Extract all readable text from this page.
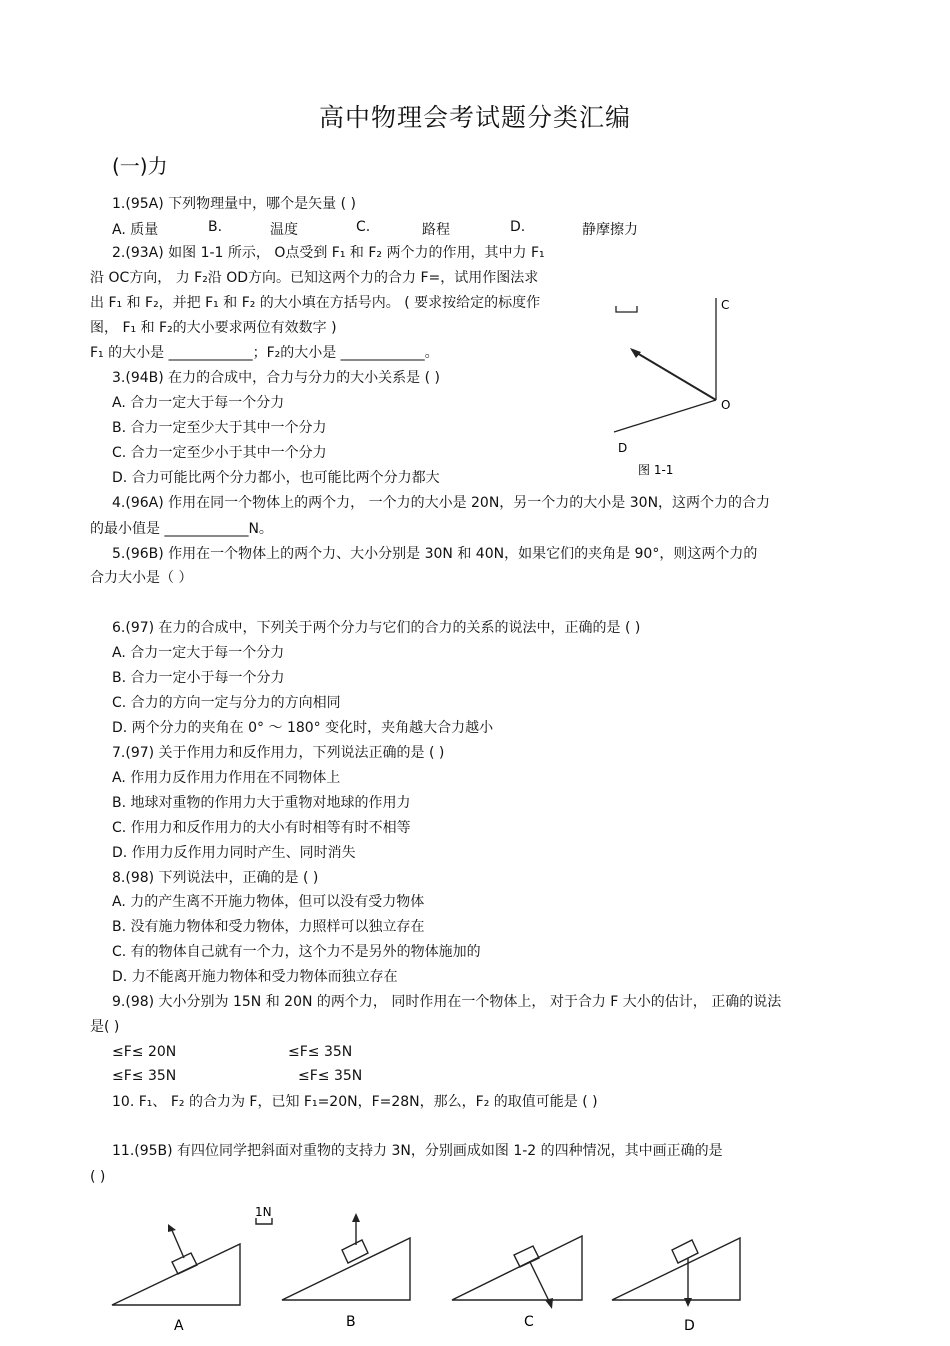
高中物理会考试题分类汇编
(一)力
1.(95A) 下列物理量中，哪个是矢量 ( )
A. 质量	B.	温度	C.	路程	D.	静摩擦力
2.(93A) 如图 1-1 所示， O点受到 F₁ 和 F₂ 两个力的作用，其中力 F₁
沿 OC方向， 力 F₂沿 OD方向。已知这两个力的合力 F=，试用作图法求
出 F₁ 和 F₂，并把 F₁ 和 F₂ 的大小填在方括号内。 ( 要求按给定的标度作
图， F₁ 和 F₂的大小要求两位有效数字 )
F₁ 的大小是 ____________；F₂的大小是 ____________。
3.(94B) 在力的合成中，合力与分力的大小关系是 ( )
A. 合力一定大于每一个分力
B. 合力一定至少大于其中一个分力
C. 合力一定至少小于其中一个分力
D. 合力可能比两个分力都小，也可能比两个分力都大
C
O
D
图 1-1
4.(96A) 作用在同一个物体上的两个力， 一个力的大小是 20N，另一个力的大小是 30N，这两个力的合力
的最小值是 ____________N。
5.(96B) 作用在一个物体上的两个力、大小分别是 30N 和 40N，如果它们的夹角是 90°，则这两个力的
合力大小是（ ）
6.(97) 在力的合成中，下列关于两个分力与它们的合力的关系的说法中，正确的是 ( )
A. 合力一定大于每一个分力
B. 合力一定小于每一个分力
C. 合力的方向一定与分力的方向相同
D. 两个分力的夹角在 0° ～ 180° 变化时，夹角越大合力越小
7.(97) 关于作用力和反作用力，下列说法正确的是 ( )
A. 作用力反作用力作用在不同物体上
B. 地球对重物的作用力大于重物对地球的作用力
C. 作用力和反作用力的大小有时相等有时不相等
D. 作用力反作用力同时产生、同时消失
8.(98) 下列说法中，正确的是 ( )
A. 力的产生离不开施力物体，但可以没有受力物体
B. 没有施力物体和受力物体，力照样可以独立存在
C. 有的物体自己就有一个力，这个力不是另外的物体施加的
D. 力不能离开施力物体和受力物体而独立存在
9.(98) 大小分别为 15N 和 20N 的两个力， 同时作用在一个物体上， 对于合力 F 大小的估计， 正确的说法
是( )
≤F≤ 20N	≤F≤ 35N
≤F≤ 35N	≤F≤ 35N
10. F₁、 F₂ 的合力为 F，已知 F₁=20N，F=28N，那么，F₂ 的取值可能是 ( )
11.(95B) 有四位同学把斜面对重物的支持力 3N，分别画成如图 1-2 的四种情况，其中画正确的是
( )
1N
A	B	C	D
